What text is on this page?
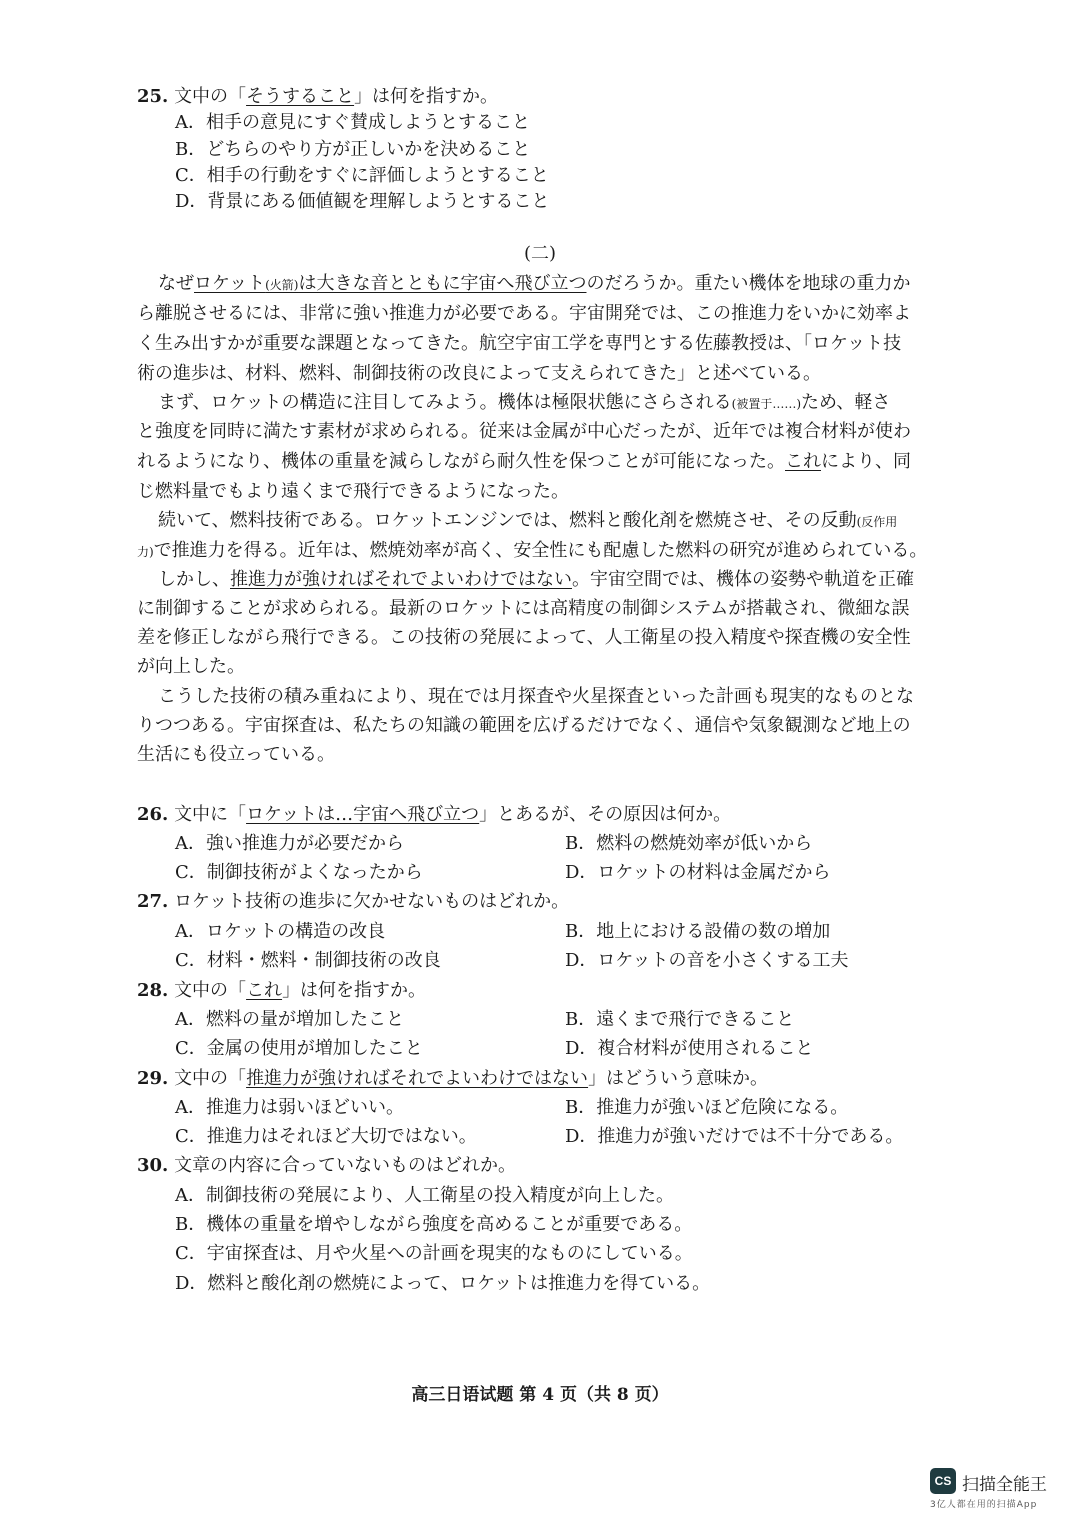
25. 文中の「そうすること」は何を指すか。
A．相手の意見にすぐ賛成しようとすること
B．どちらのやり方が正しいかを決めること
C．相手の行動をすぐに評価しようとすること
D．背景にある価値観を理解しようとすること
(二)
なぜロケット(火箭)は大きな音とともに宇宙へ飛び立つのだろうか。重たい機体を地球の重力か
ら離脱させるには、非常に強い推進力が必要である。宇宙開発では、この推進力をいかに効率よ
く生み出すかが重要な課題となってきた。航空宇宙工学を専門とする佐藤教授は、「ロケット技
術の進歩は、材料、燃料、制御技術の改良によって支えられてきた」と述べている。
まず、ロケットの構造に注目してみよう。機体は極限状態にさらされる(被置于……)ため、軽さ
と強度を同時に満たす素材が求められる。従来は金属が中心だったが、近年では複合材料が使わ
れるようになり、機体の重量を減らしながら耐久性を保つことが可能になった。これにより、同
じ燃料量でもより遠くまで飛行できるようになった。
続いて、燃料技術である。ロケットエンジンでは、燃料と酸化剤を燃焼させ、その反動(反作用
力)で推進力を得る。近年は、燃焼効率が高く、安全性にも配慮した燃料の研究が進められている。
しかし、推進力が強ければそれでよいわけではない。宇宙空間では、機体の姿勢や軌道を正確
に制御することが求められる。最新のロケットには高精度の制御システムが搭載され、微細な誤
差を修正しながら飛行できる。この技術の発展によって、人工衛星の投入精度や探査機の安全性
が向上した。
こうした技術の積み重ねにより、現在では月探査や火星探査といった計画も現実的なものとな
りつつある。宇宙探査は、私たちの知識の範囲を広げるだけでなく、通信や気象観測など地上の
生活にも役立っている。
26. 文中に「ロケットは…宇宙へ飛び立つ」とあるが、その原因は何か。
A．強い推進力が必要だから	B．燃料の燃焼効率が低いから
C．制御技術がよくなったから	D．ロケットの材料は金属だから
27. ロケット技術の進歩に欠かせないものはどれか。
A．ロケットの構造の改良	B．地上における設備の数の増加
C．材料・燃料・制御技術の改良	D．ロケットの音を小さくする工夫
28. 文中の「これ」は何を指すか。
A．燃料の量が増加したこと	B．遠くまで飛行できること
C．金属の使用が増加したこと	D．複合材料が使用されること
29. 文中の「推進力が強ければそれでよいわけではない」はどういう意味か。
A．推進力は弱いほどいい。	B．推進力が強いほど危険になる。
C．推進力はそれほど大切ではない。	D．推進力が強いだけでは不十分である。
30. 文章の内容に合っていないものはどれか。
A．制御技術の発展により、人工衛星の投入精度が向上した。
B．機体の重量を増やしながら強度を高めることが重要である。
C．宇宙探査は、月や火星への計画を現実的なものにしている。
D．燃料と酸化剤の燃焼によって、ロケットは推進力を得ている。
高三日语试题 第 4 页（共 8 页）
CS 扫描全能王
3亿人都在用的扫描App
